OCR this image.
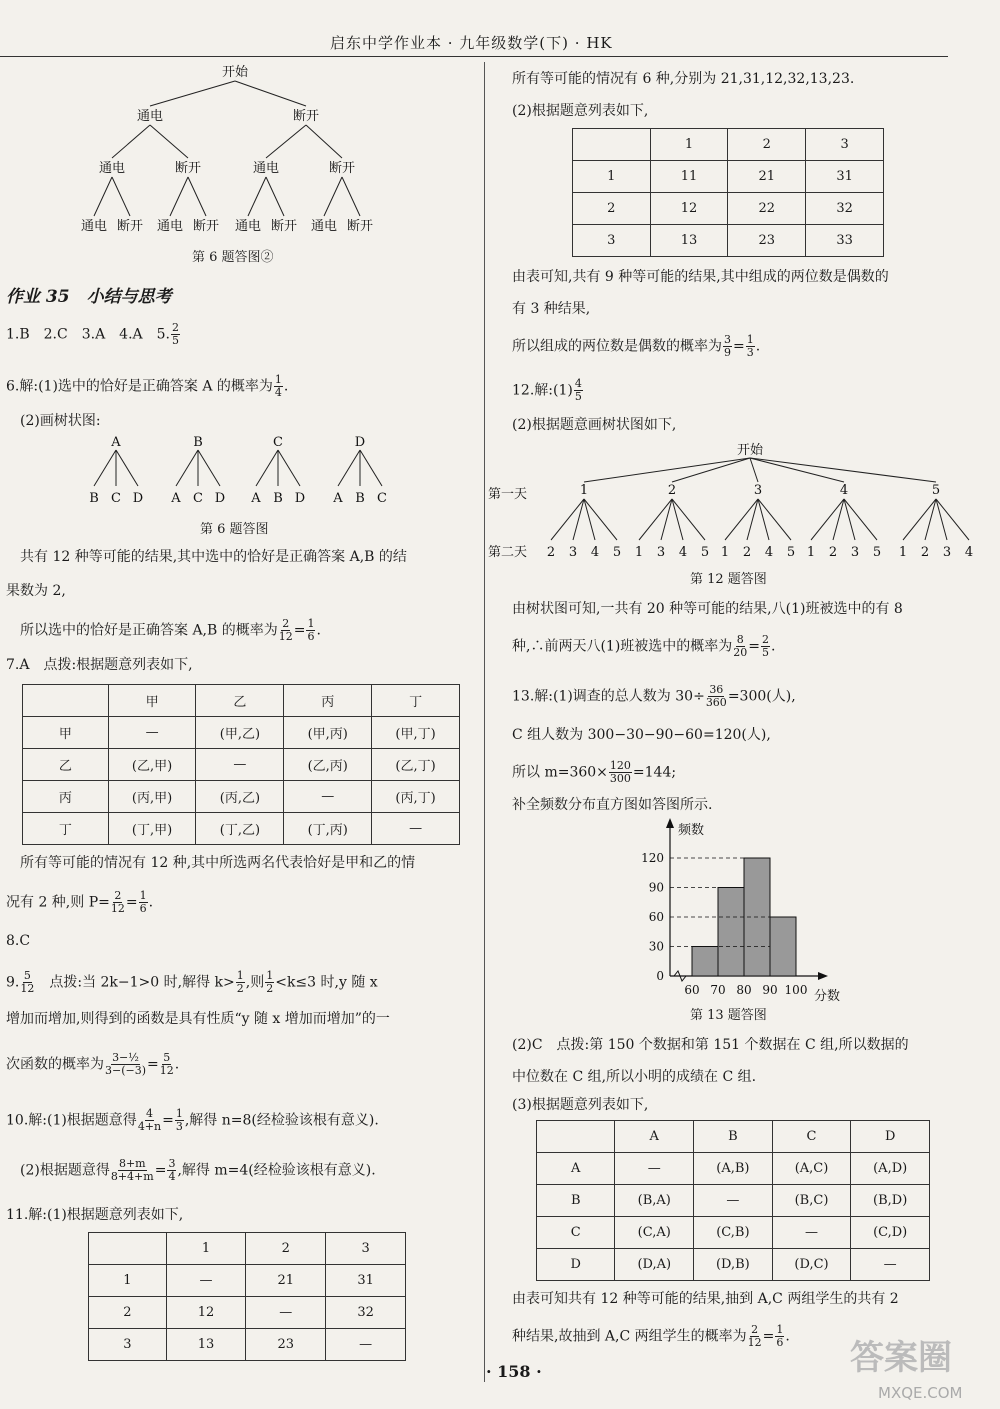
启东中学作业本 · 九年级数学(下) · HK
开始
通电	断开
通电	断开	通电	断开
通电 断开 通电 断开 通电 断开 通电 断开
第 6 题答图②
作业 35　小结与思考
1.B　2.C　3.A　4.A　5. $\frac{2}{5}$
6.解:(1)选中的恰好是正确答案 A 的概率为 $\frac{1}{4}$ .
(2)画树状图:
A
B C D
B
A C D
C
A B D
D
A B C
第 6 题答图
共有 12 种等可能的结果,其中选中的恰好是正确答案 A,B 的结
果数为 2,
所以选中的恰好是正确答案 A,B 的概率为 $\frac{2}{12} = \frac{1}{6}$ .
7.A　点拨:根据题意列表如下,
	甲	乙	丙	丁
甲	—	(甲,乙)	(甲,丙)	(甲,丁)
乙	(乙,甲)	—	(乙,丙)	(乙,丁)
丙	(丙,甲)	(丙,乙)	—	(丙,丁)
丁	(丁,甲)	(丁,乙)	(丁,丙)	—
所有等可能的情况有 12 种,其中所选两名代表恰好是甲和乙的情
况有 2 种,则 $P= \frac{2}{12} = \frac{1}{6}$ .
8.C
9. $\frac{5}{12}$ 　点拨:当 2k−1>0 时,解得 $k> \frac{1}{2}$ ,则 $\frac{1}{2} <k\le 3$ 时,y 随 x
增加而增加,则得到的函数是具有性质“y 随 x 增加而增加”的一
次函数的概率为 $\frac{\text{3−½}}{3-(-3)} = \frac{5}{12}$ .
10.解:(1)根据题意得 $\frac{4}{4+n} = \frac{1}{3}$ ,解得 n=8(经检验该根有意义).
(2)根据题意得 $\frac{8+m}{8+4+m} = \frac{3}{4}$ ,解得 m=4(经检验该根有意义).
11.解:(1)根据题意列表如下,
	1	2	3
1	—	21	31
2	12	—	32
3	13	23	—
所有等可能的情况有 6 种,分别为 21,31,12,32,13,23.
(2)根据题意列表如下,
	1	2	3
1	11	21	31
2	12	22	32
3	13	23	33
由表可知,共有 9 种等可能的结果,其中组成的两位数是偶数的
有 3 种结果,
所以组成的两位数是偶数的概率为 $\frac{3}{9} = \frac{1}{3}$ .
12.解:(1) $\frac{4}{5}$
(2)根据题意画树状图如下,
开始
第一天
第二天
1
2 3 4 5
2
1 3 4 5
3
1 2 4 5
4
1 2 3 5
5
1 2 3 4
第 12 题答图
由树状图可知,一共有 20 种等可能的结果,八(1)班被选中的有 8
种,∴前两天八(1)班被选中的概率为 $\frac{8}{20} = \frac{2}{5}$ .
13.解:(1)调查的总人数为 $30\div \frac{36}{360} =300$(人),
C 组人数为 300−30−90−60=120(人),
所以 $m=360\times \frac{120}{300} =144$;
补全频数分布直方图如答图所示.
频数
分数
0
30
60
90
120
60 70 80 90 100
第 13 题答图
(2)C　点拨:第 150 个数据和第 151 个数据在 C 组,所以数据的
中位数在 C 组,所以小明的成绩在 C 组.
(3)根据题意列表如下,
	A	B	C	D
A	—	(A,B)	(A,C)	(A,D)
B	(B,A)	—	(B,C)	(B,D)
C	(C,A)	(C,B)	—	(C,D)
D	(D,A)	(D,B)	(D,C)	—
由表可知共有 12 种等可能的结果,抽到 A,C 两组学生的共有 2
种结果,故抽到 A,C 两组学生的概率为 $\frac{2}{12} = \frac{1}{6}$ .
· 158 ·	答案圈
MXQE.COM
